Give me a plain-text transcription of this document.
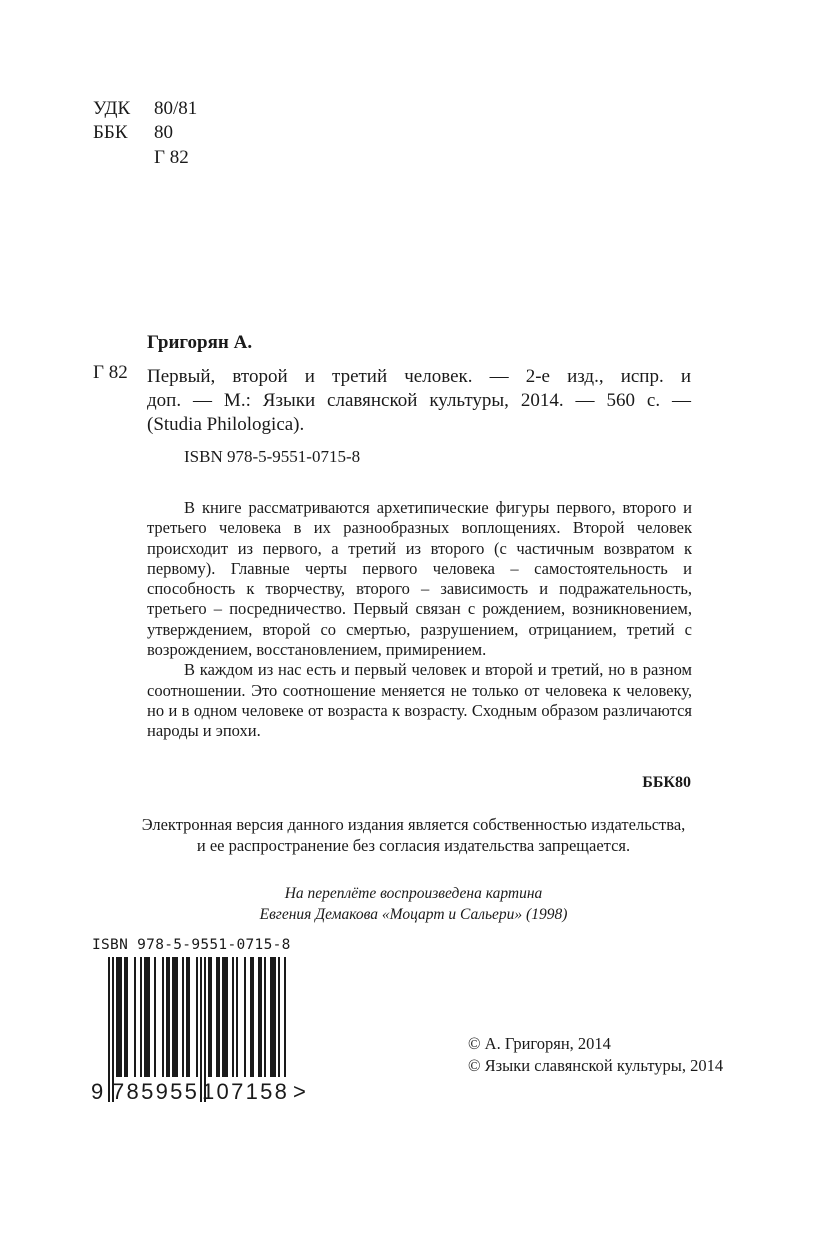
УДК 80/81
ББК 80
Г 82
Григорян А.
Г 82 Первый, второй и третий человек. — 2-е изд., испр. и
доп. — М.: Языки славянской культуры, 2014. — 560 с. —
(Studia Philologica).
ISBN 978-5-9551-0715-8

В книге рассматриваются архетипические фигуры первого, второго и третьего человека в их разнообразных воплощениях. Второй человек происходит из первого, а третий из второго (с частичным возвратом к первому). Главные черты первого человека – самостоятельность и способность к творчеству, второго – зависимость и подражательность, третьего – посредничество. Первый связан с рождением, возникновением, утверждением, второй со смертью, разрушением, отрицанием, третий с возрождением, восстановлением, примирением.

В каждом из нас есть и первый человек и второй и третий, но в разном соотношении. Это соотношение меняется не только от человека к человеку, но и в одном человеке от возраста к возрасту. Сходным образом различаются народы и эпохи.

ББК80
Электронная версия данного издания является собственностью издательства,
и ее распространение без согласия издательства запрещается.
На переплёте воспроизведена картина
Евгения Демакова «Моцарт и Сальери» (1998)
ISBN 978-5-9551-0715-8
9 785955 107158 >
© А. Григорян, 2014
© Языки славянской культуры, 2014
